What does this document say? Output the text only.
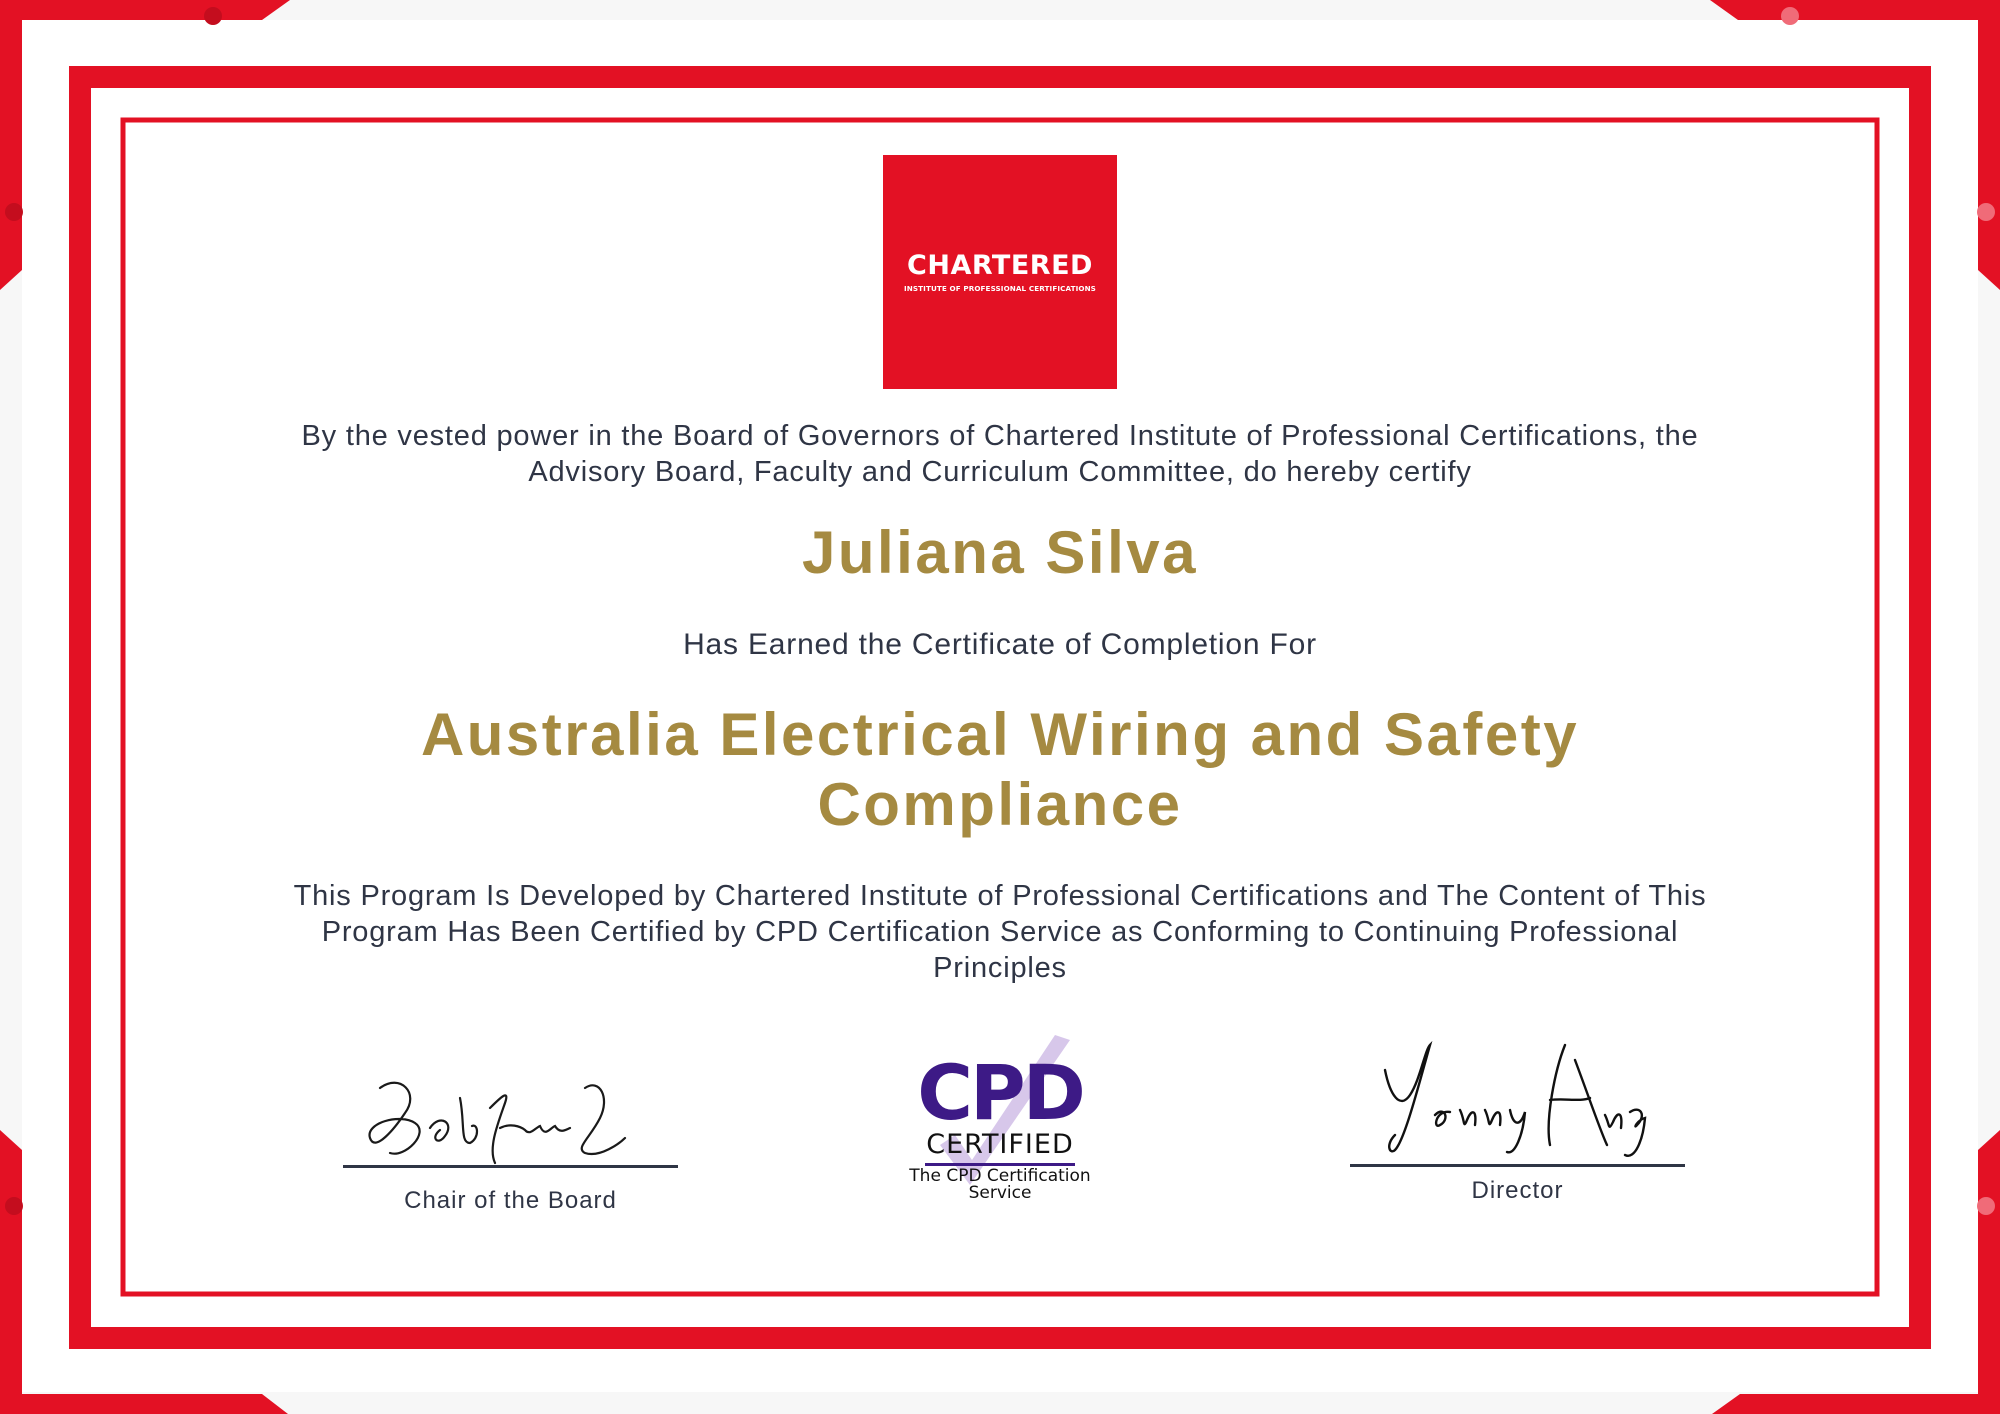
CHARTERED
INSTITUTE OF PROFESSIONAL CERTIFICATIONS
By the vested power in the Board of Governors of Chartered Institute of Professional Certifications, the Advisory Board, Faculty and Curriculum Committee, do hereby certify
Juliana Silva
Has Earned the Certificate of Completion For
Australia Electrical Wiring and Safety Compliance
This Program Is Developed by Chartered Institute of Professional Certifications and The Content of This Program Has Been Certified by CPD Certification Service as Conforming to Continuing Professional Principles
Chair of the Board
CPD
CERTIFIED
The CPD Certification
Service	Director
